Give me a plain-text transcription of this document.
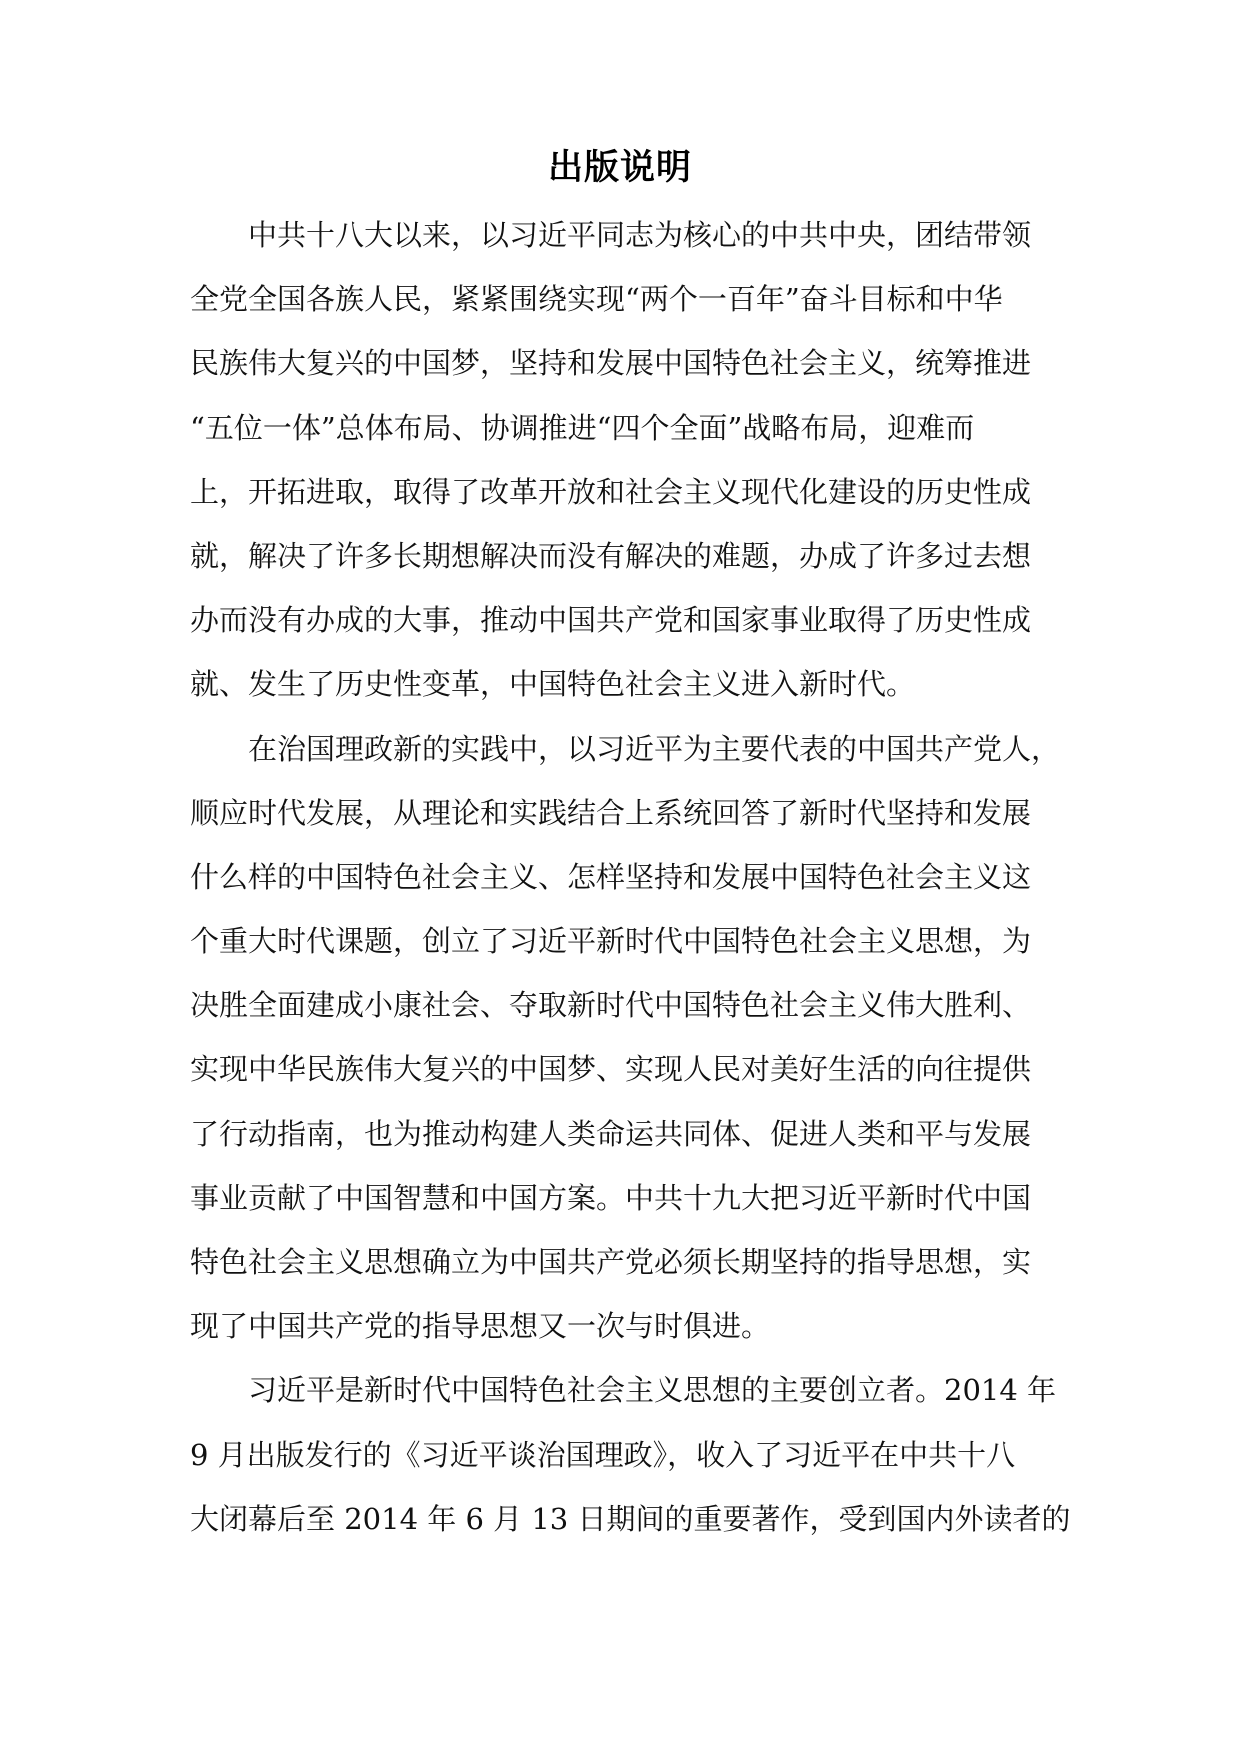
出版说明
中共十八大以来，以习近平同志为核心的中共中央，团结带领
全党全国各族人民，紧紧围绕实现“两个一百年”奋斗目标和中华
民族伟大复兴的中国梦，坚持和发展中国特色社会主义，统筹推进
“五位一体”总体布局、协调推进“四个全面”战略布局，迎难而
上，开拓进取，取得了改革开放和社会主义现代化建设的历史性成
就，解决了许多长期想解决而没有解决的难题，办成了许多过去想
办而没有办成的大事，推动中国共产党和国家事业取得了历史性成
就、发生了历史性变革，中国特色社会主义进入新时代。
在治国理政新的实践中，以习近平为主要代表的中国共产党人，
顺应时代发展，从理论和实践结合上系统回答了新时代坚持和发展
什么样的中国特色社会主义、怎样坚持和发展中国特色社会主义这
个重大时代课题，创立了习近平新时代中国特色社会主义思想，为
决胜全面建成小康社会、夺取新时代中国特色社会主义伟大胜利、
实现中华民族伟大复兴的中国梦、实现人民对美好生活的向往提供
了行动指南，也为推动构建人类命运共同体、促进人类和平与发展
事业贡献了中国智慧和中国方案。中共十九大把习近平新时代中国
特色社会主义思想确立为中国共产党必须长期坚持的指导思想，实
现了中国共产党的指导思想又一次与时俱进。
习近平是新时代中国特色社会主义思想的主要创立者。2014 年
9 月出版发行的《习近平谈治国理政》，收入了习近平在中共十八
大闭幕后至 2014 年 6 月 13 日期间的重要著作，受到国内外读者的
